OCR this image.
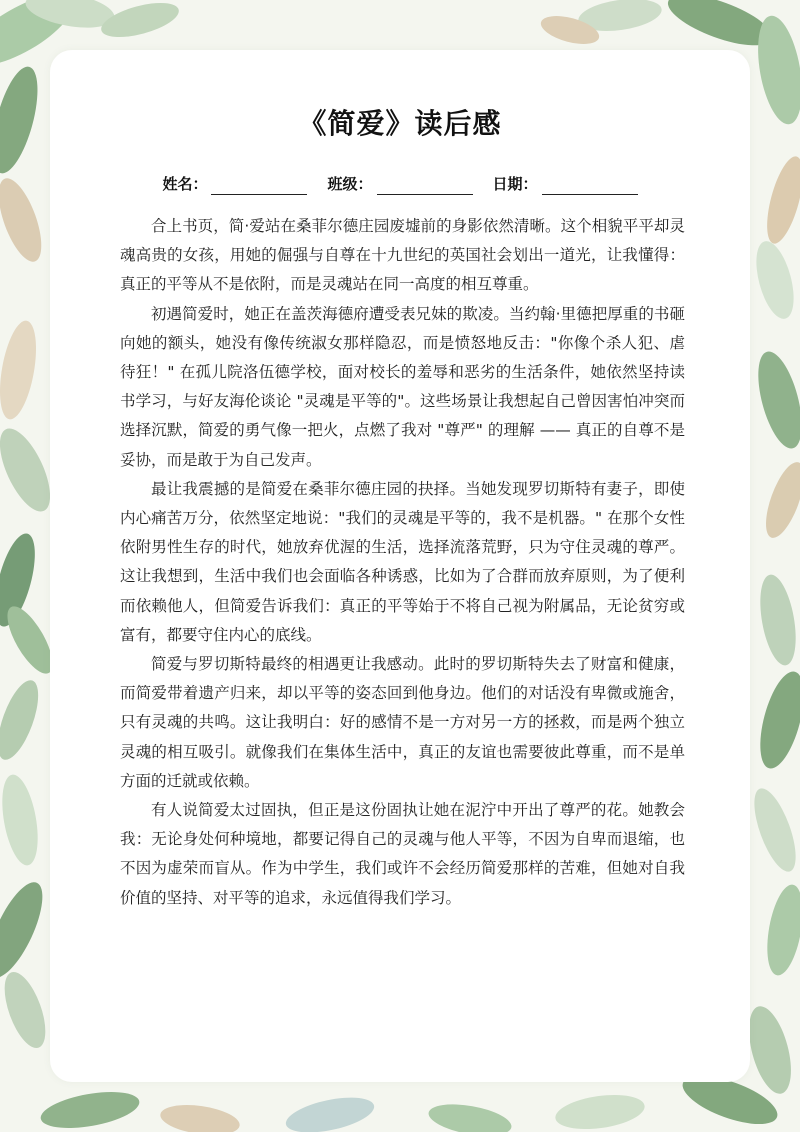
《简爱》读后感
姓名：	班级：	日期：

合上书页，简·爱站在桑菲尔德庄园废墟前的身影依然清晰。这个相貌平平却灵魂高贵的女孩，用她的倔强与自尊在十九世纪的英国社会划出一道光，让我懂得：真正的平等从不是依附，而是灵魂站在同一高度的相互尊重。

初遇简爱时，她正在盖茨海德府遭受表兄妹的欺凌。当约翰·里德把厚重的书砸向她的额头，她没有像传统淑女那样隐忍，而是愤怒地反击："你像个杀人犯、虐待狂！" 在孤儿院洛伍德学校，面对校长的羞辱和恶劣的生活条件，她依然坚持读书学习，与好友海伦谈论 "灵魂是平等的"。这些场景让我想起自己曾因害怕冲突而选择沉默，简爱的勇气像一把火，点燃了我对 "尊严" 的理解 —— 真正的自尊不是妥协，而是敢于为自己发声。

最让我震撼的是简爱在桑菲尔德庄园的抉择。当她发现罗切斯特有妻子，即使内心痛苦万分，依然坚定地说："我们的灵魂是平等的，我不是机器。" 在那个女性依附男性生存的时代，她放弃优渥的生活，选择流落荒野，只为守住灵魂的尊严。这让我想到，生活中我们也会面临各种诱惑，比如为了合群而放弃原则，为了便利而依赖他人，但简爱告诉我们：真正的平等始于不将自己视为附属品，无论贫穷或富有，都要守住内心的底线。

简爱与罗切斯特最终的相遇更让我感动。此时的罗切斯特失去了财富和健康，而简爱带着遗产归来，却以平等的姿态回到他身边。他们的对话没有卑微或施舍，只有灵魂的共鸣。这让我明白：好的感情不是一方对另一方的拯救，而是两个独立灵魂的相互吸引。就像我们在集体生活中，真正的友谊也需要彼此尊重，而不是单方面的迁就或依赖。

有人说简爱太过固执，但正是这份固执让她在泥泞中开出了尊严的花。她教会我：无论身处何种境地，都要记得自己的灵魂与他人平等，不因为自卑而退缩，也不因为虚荣而盲从。作为中学生，我们或许不会经历简爱那样的苦难，但她对自我价值的坚持、对平等的追求，永远值得我们学习。
